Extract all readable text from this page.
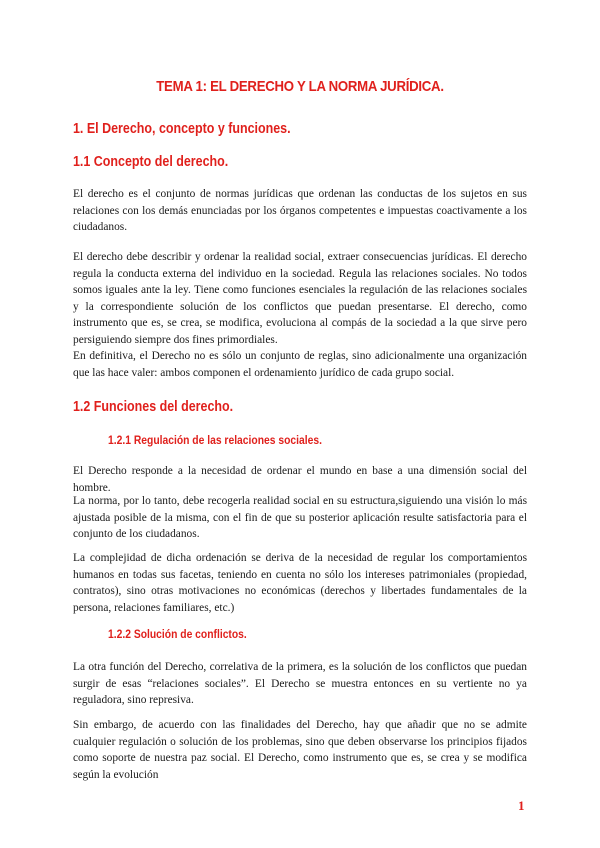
TEMA 1: EL DERECHO Y LA NORMA JURÍDICA.
1. El Derecho, concepto y funciones.
1.1 Concepto del derecho.

El derecho es el conjunto de normas jurídicas que ordenan las conductas de los sujetos en sus relaciones con los demás enunciadas por los órganos competentes e impuestas coactivamente a los ciudadanos.

El derecho debe describir y ordenar la realidad social, extraer consecuencias jurídicas. El derecho regula la conducta externa del individuo en la sociedad. Regula las relaciones sociales. No todos somos iguales ante la ley. Tiene como funciones esenciales la regulación de las relaciones sociales y la correspondiente solución de los conflictos que puedan presentarse. El derecho, como instrumento que es, se crea, se modifica, evoluciona al compás de la sociedad a la que sirve pero persiguiendo siempre dos fines primordiales.

En definitiva, el Derecho no es sólo un conjunto de reglas, sino adicionalmente una organización que las hace valer: ambos componen el ordenamiento jurídico de cada grupo social.

1.2 Funciones del derecho.
1.2.1 Regulación de las relaciones sociales.

El Derecho responde a la necesidad de ordenar el mundo en base a una dimensión social del hombre.

La norma, por lo tanto, debe recogerla realidad social en su estructura,siguiendo una visión lo más ajustada posible de la misma, con el fin de que su posterior aplicación resulte satisfactoria para el conjunto de los ciudadanos.

La complejidad de dicha ordenación se deriva de la necesidad de regular los comportamientos humanos en todas sus facetas, teniendo en cuenta no sólo los intereses patrimoniales (propiedad, contratos), sino otras motivaciones no económicas (derechos y libertades fundamentales de la persona, relaciones familiares, etc.)

1.2.2 Solución de conflictos.

La otra función del Derecho, correlativa de la primera, es la solución de los conflictos que puedan surgir de esas “relaciones sociales”. El Derecho se muestra entonces en su vertiente no ya reguladora, sino represiva.

Sin embargo, de acuerdo con las finalidades del Derecho, hay que añadir que no se admite cualquier regulación o solución de los problemas, sino que deben observarse los principios fijados como soporte de nuestra paz social. El Derecho, como instrumento que es, se crea y se modifica según la evolución

1
